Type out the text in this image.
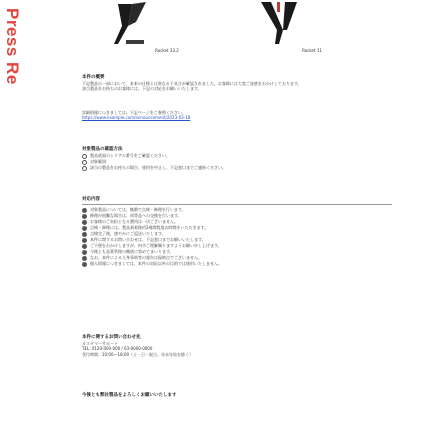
Press Re	Rocket 33.2	Rocket 11
本件の概要
下記製品の一部において、本来の仕様とは異なる不具合が確認されました。お客様には大変ご迷惑をおかけしております。
該当製品をお持ちのお客様には、下記の対応をお願いいたします。
詳細情報につきましては、下記ページをご参照ください。
https://www.example.com/announcement/2023-03-18
対象製品の確認方法
製品底面のシリアル番号をご確認ください。
対象範囲：
該当の製品をお持ちの場合、使用を中止し、下記窓口までご連絡ください。
対応内容
対象製品については、無償で点検・修理を行います。
修理が困難な場合は、同等品への交換を行います。
お客様のご負担となる費用は一切ございません。
点検・修理には、製品到着後約2週間程度お時間をいただきます。
点検完了後、速やかにご返送いたします。
本件に関するお問い合わせは、下記窓口までお願いいたします。
ご不便をおかけしますが、何卒ご理解賜りますようお願い申し上げます。
今後とも品質管理の徹底に努めてまいります。
なお、本件による人身事故等の報告は現時点でございません。
個人情報につきましては、本件の対応以外の目的では使用いたしません。
本件に関するお問い合わせ先
カスタマーサポート
TEL: 0120-000-000 / 03-0000-0000
受付時間：10:00〜18:00（土・日・祝日、年末年始を除く）
今後とも弊社製品をよろしくお願いいたします
